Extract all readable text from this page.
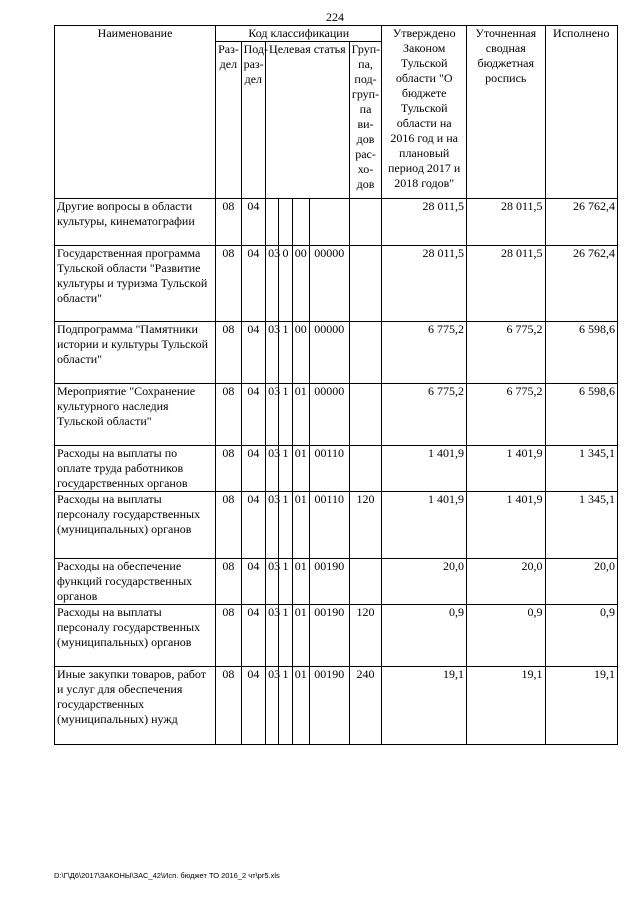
224
Наименование	Код классификации							Утверждено Законом Тульской области "О бюджете Тульской области на 2016 год и на плановый период 2017 и 2018 годов"	Уточненная сводная бюджетная роспись	Исполнено
	Раз-дел	Под-раз-дел	Целевая статья				Груп-па, под-груп-па ви-дов рас-хо-дов			
Другие вопросы в области культуры, кинематографии	08	04						28 011,5	28 011,5	26 762,4
Государственная программа Тульской области "Развитие культуры и туризма Тульской области"	08	04	03	0	00	00000		28 011,5	28 011,5	26 762,4
Подпрограмма "Памятники истории и культуры Тульской области"	08	04	03	1	00	00000		6 775,2	6 775,2	6 598,6
Мероприятие "Сохранение культурного наследия Тульской области"	08	04	03	1	01	00000		6 775,2	6 775,2	6 598,6
Расходы на выплаты по оплате труда работников государственных органов	08	04	03	1	01	00110		1 401,9	1 401,9	1 345,1
Расходы на выплаты персоналу государственных (муниципальных) органов	08	04	03	1	01	00110	120	1 401,9	1 401,9	1 345,1
Расходы на обеспечение функций государственных органов	08	04	03	1	01	00190		20,0	20,0	20,0
Расходы на выплаты персоналу государственных (муниципальных) органов	08	04	03	1	01	00190	120	0,9	0,9	0,9
Иные закупки товаров, работ и услуг для обеспечения государственных (муниципальных) нужд	08	04	03	1	01	00190	240	19,1	19,1	19,1
D:\Г\Д6\2017\ЗАКОНЫ\ЗАС_42\Исп. бюджет ТО 2016_2 чт\pr5.xls
